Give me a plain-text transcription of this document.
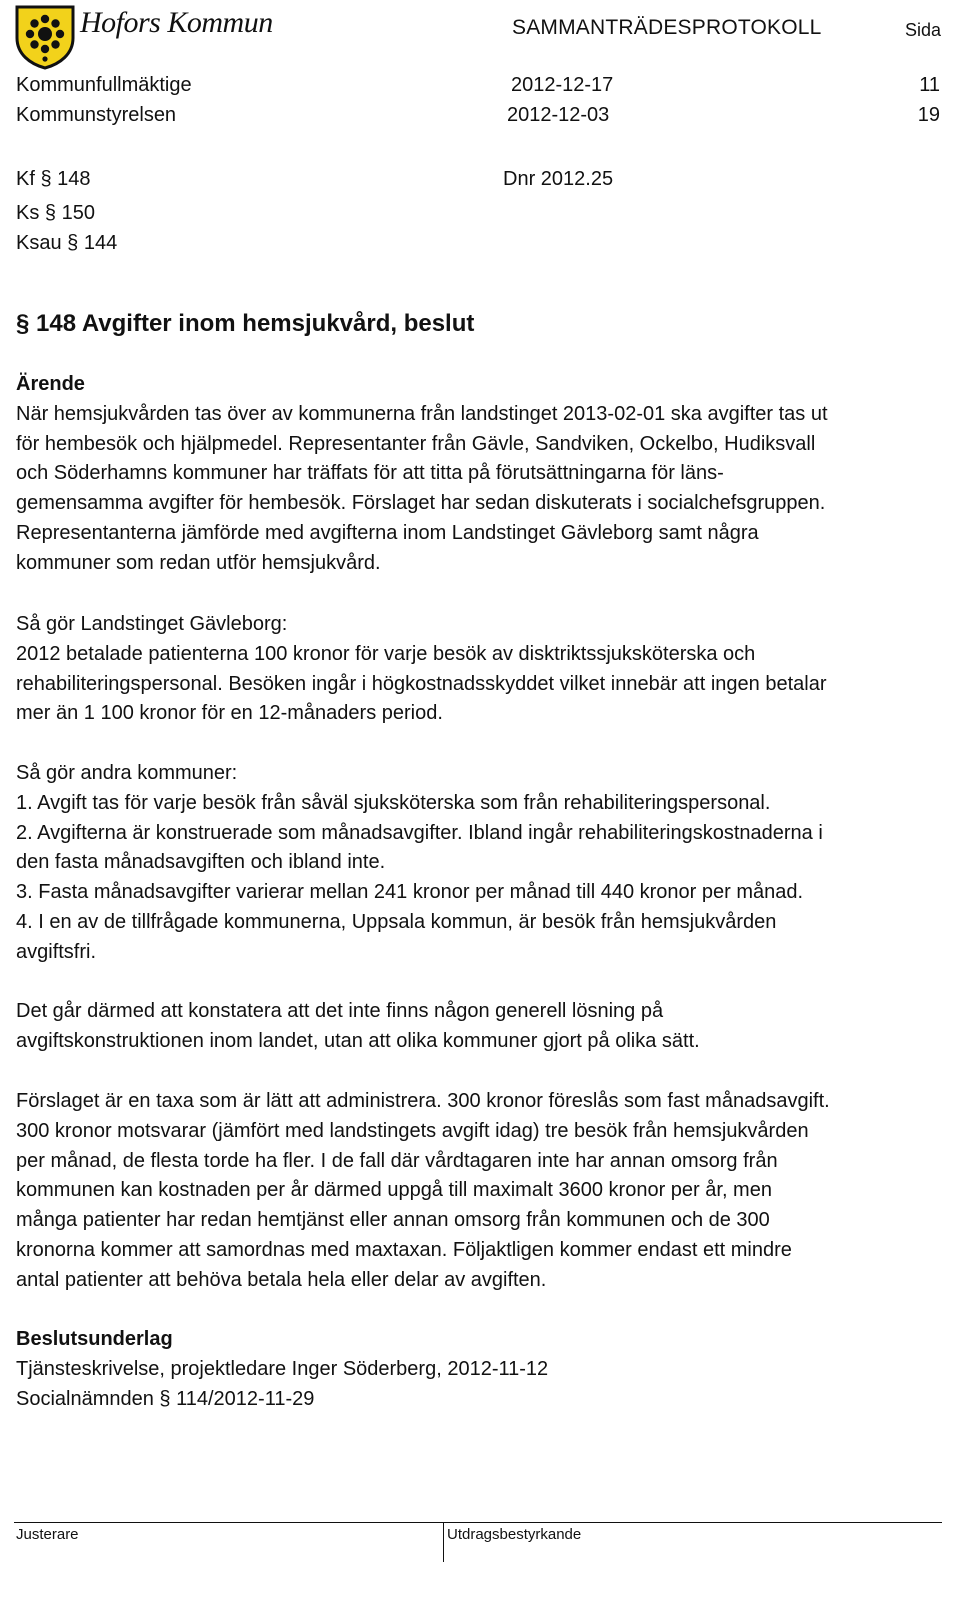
Hofors Kommun	SAMMANTRÄDESPROTOKOLL	Sida
Kommunfullmäktige	2012-12-17	11
Kommunstyrelsen	2012-12-03	19
Kf § 148	Dnr 2012.25
Ks § 150
Ksau § 144
§ 148 Avgifter inom hemsjukvård, beslut

Ärende

När hemsjukvården tas över av kommunerna från landstinget 2013-02-01 ska avgifter tas ut

för hembesök och hjälpmedel. Representanter från Gävle, Sandviken, Ockelbo, Hudiksvall

och Söderhamns kommuner har träffats för att titta på förutsättningarna för läns-

gemensamma avgifter för hembesök. Förslaget har sedan diskuterats i socialchefsgruppen.

Representanterna jämförde med avgifterna inom Landstinget Gävleborg samt några

kommuner som redan utför hemsjukvård.

Så gör Landstinget Gävleborg:

2012 betalade patienterna 100 kronor för varje besök av disktriktssjuksköterska och

rehabiliteringspersonal. Besöken ingår i högkostnadsskyddet vilket innebär att ingen betalar

mer än 1 100 kronor för en 12-månaders period.

Så gör andra kommuner:

1. Avgift tas för varje besök från såväl sjuksköterska som från rehabiliteringspersonal.

2. Avgifterna är konstruerade som månadsavgifter. Ibland ingår rehabiliteringskostnaderna i

den fasta månadsavgiften och ibland inte.

3. Fasta månadsavgifter varierar mellan 241 kronor per månad till 440 kronor per månad.

4. I en av de tillfrågade kommunerna, Uppsala kommun, är besök från hemsjukvården

avgiftsfri.

Det går därmed att konstatera att det inte finns någon generell lösning på

avgiftskonstruktionen inom landet, utan att olika kommuner gjort på olika sätt.

Förslaget är en taxa som är lätt att administrera. 300 kronor föreslås som fast månadsavgift.

300 kronor motsvarar (jämfört med landstingets avgift idag) tre besök från hemsjukvården

per månad, de flesta torde ha fler. I de fall där vårdtagaren inte har annan omsorg från

kommunen kan kostnaden per år därmed uppgå till maximalt 3600 kronor per år, men

många patienter har redan hemtjänst eller annan omsorg från kommunen och de 300

kronorna kommer att samordnas med maxtaxan. Följaktligen kommer endast ett mindre

antal patienter att behöva betala hela eller delar av avgiften.

Beslutsunderlag

Tjänsteskrivelse, projektledare Inger Söderberg, 2012-11-12

Socialnämnden § 114/2012-11-29

Justerare	Utdragsbestyrkande
